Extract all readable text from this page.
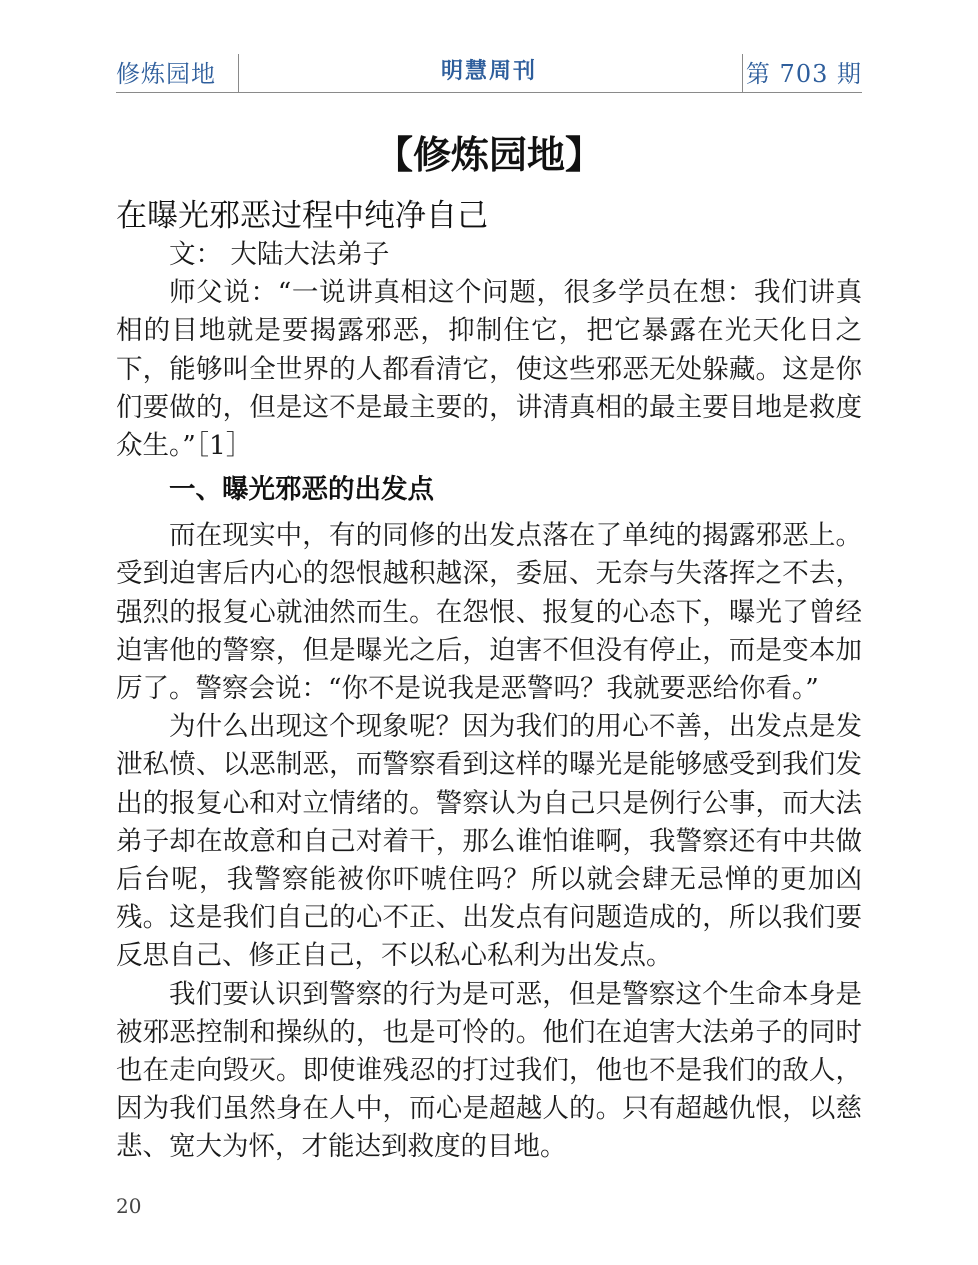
修炼园地	明慧周刊	第 703 期
【修炼园地】
在曝光邪恶过程中纯净自己

文： 大陆大法弟子

师父说：“一说讲真相这个问题，很多学员在想：我们讲真相的目地就是要揭露邪恶，抑制住它，把它暴露在光天化日之下，能够叫全世界的人都看清它，使这些邪恶无处躲藏。这是你们要做的，但是这不是最主要的，讲清真相的最主要目地是救度众生。”［1］

一、曝光邪恶的出发点

而在现实中，有的同修的出发点落在了单纯的揭露邪恶上。受到迫害后内心的怨恨越积越深，委屈、无奈与失落挥之不去，强烈的报复心就油然而生。在怨恨、报复的心态下，曝光了曾经迫害他的警察，但是曝光之后，迫害不但没有停止，而是变本加厉了。警察会说：“你不是说我是恶警吗？我就要恶给你看。”

为什么出现这个现象呢？因为我们的用心不善，出发点是发泄私愤、以恶制恶，而警察看到这样的曝光是能够感受到我们发出的报复心和对立情绪的。警察认为自己只是例行公事，而大法弟子却在故意和自己对着干，那么谁怕谁啊，我警察还有中共做后台呢，我警察能被你吓唬住吗？所以就会肆无忌惮的更加凶残。这是我们自己的心不正、出发点有问题造成的，所以我们要反思自己、修正自己，不以私心私利为出发点。

我们要认识到警察的行为是可恶，但是警察这个生命本身是被邪恶控制和操纵的，也是可怜的。他们在迫害大法弟子的同时也在走向毁灭。即使谁残忍的打过我们，他也不是我们的敌人，因为我们虽然身在人中，而心是超越人的。只有超越仇恨，以慈悲、宽大为怀，才能达到救度的目地。

20
